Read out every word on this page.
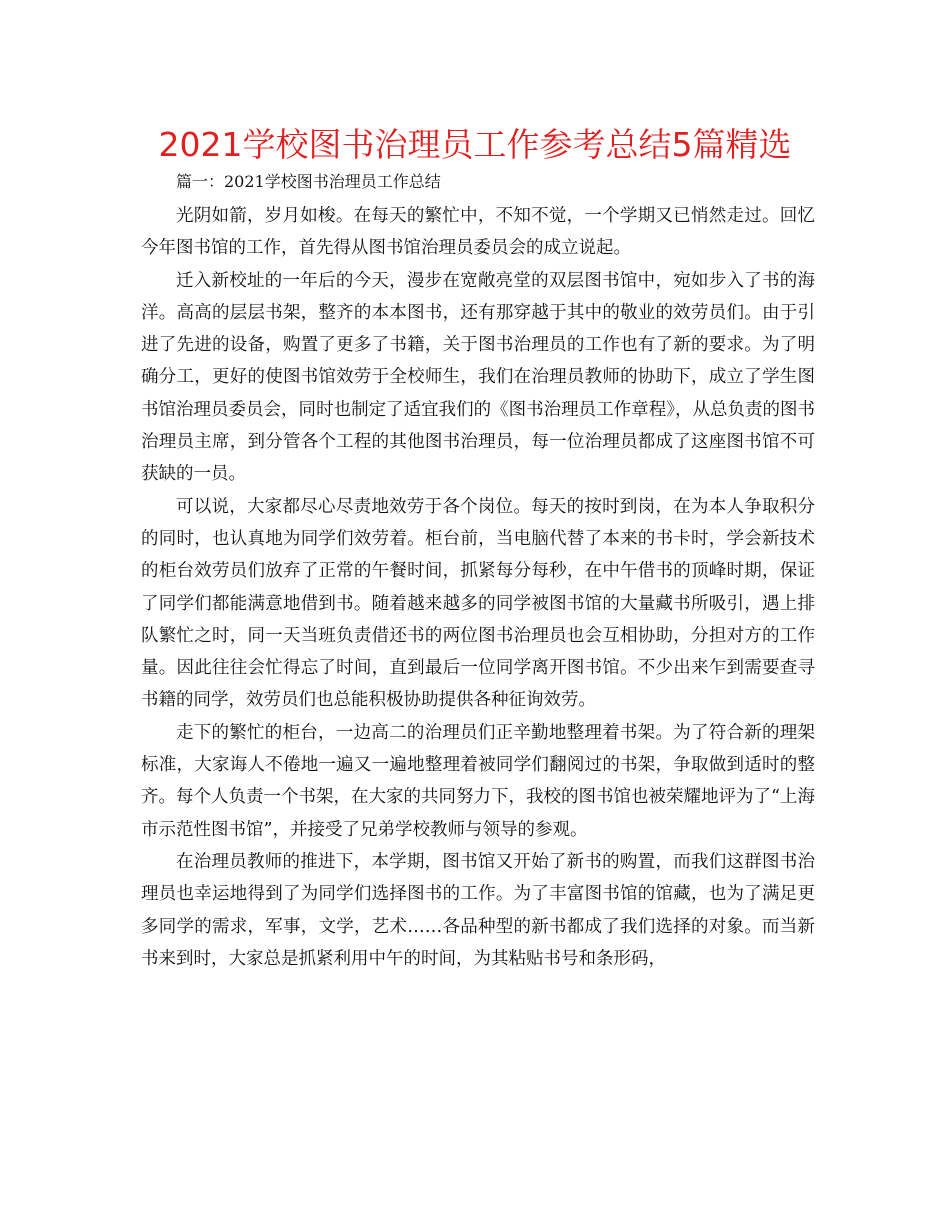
2021学校图书治理员工作参考总结5篇精选
篇一：2021学校图书治理员工作总结

光阴如箭，岁月如梭。在每天的繁忙中，不知不觉，一个学期又已悄然走过。回忆今年图书馆的工作，首先得从图书馆治理员委员会的成立说起。

迁入新校址的一年后的今天，漫步在宽敞亮堂的双层图书馆中，宛如步入了书的海洋。高高的层层书架，整齐的本本图书，还有那穿越于其中的敬业的效劳员们。由于引进了先进的设备，购置了更多了书籍，关于图书治理员的工作也有了新的要求。为了明确分工，更好的使图书馆效劳于全校师生，我们在治理员教师的协助下，成立了学生图书馆治理员委员会，同时也制定了适宜我们的《图书治理员工作章程》，从总负责的图书治理员主席，到分管各个工程的其他图书治理员，每一位治理员都成了这座图书馆不可获缺的一员。

可以说，大家都尽心尽责地效劳于各个岗位。每天的按时到岗，在为本人争取积分的同时，也认真地为同学们效劳着。柜台前，当电脑代替了本来的书卡时，学会新技术的柜台效劳员们放弃了正常的午餐时间，抓紧每分每秒，在中午借书的顶峰时期，保证了同学们都能满意地借到书。随着越来越多的同学被图书馆的大量藏书所吸引，遇上排队繁忙之时，同一天当班负责借还书的两位图书治理员也会互相协助，分担对方的工作量。因此往往会忙得忘了时间，直到最后一位同学离开图书馆。不少出来乍到需要查寻书籍的同学，效劳员们也总能积极协助提供各种征询效劳。

走下的繁忙的柜台，一边高二的治理员们正辛勤地整理着书架。为了符合新的理架标准，大家诲人不倦地一遍又一遍地整理着被同学们翻阅过的书架，争取做到适时的整齐。每个人负责一个书架，在大家的共同努力下，我校的图书馆也被荣耀地评为了“上海市示范性图书馆”，并接受了兄弟学校教师与领导的参观。

在治理员教师的推进下，本学期，图书馆又开始了新书的购置，而我们这群图书治理员也幸运地得到了为同学们选择图书的工作。为了丰富图书馆的馆藏，也为了满足更多同学的需求，军事，文学，艺术……各品种型的新书都成了我们选择的对象。而当新书来到时，大家总是抓紧利用中午的时间，为其粘贴书号和条形码，
